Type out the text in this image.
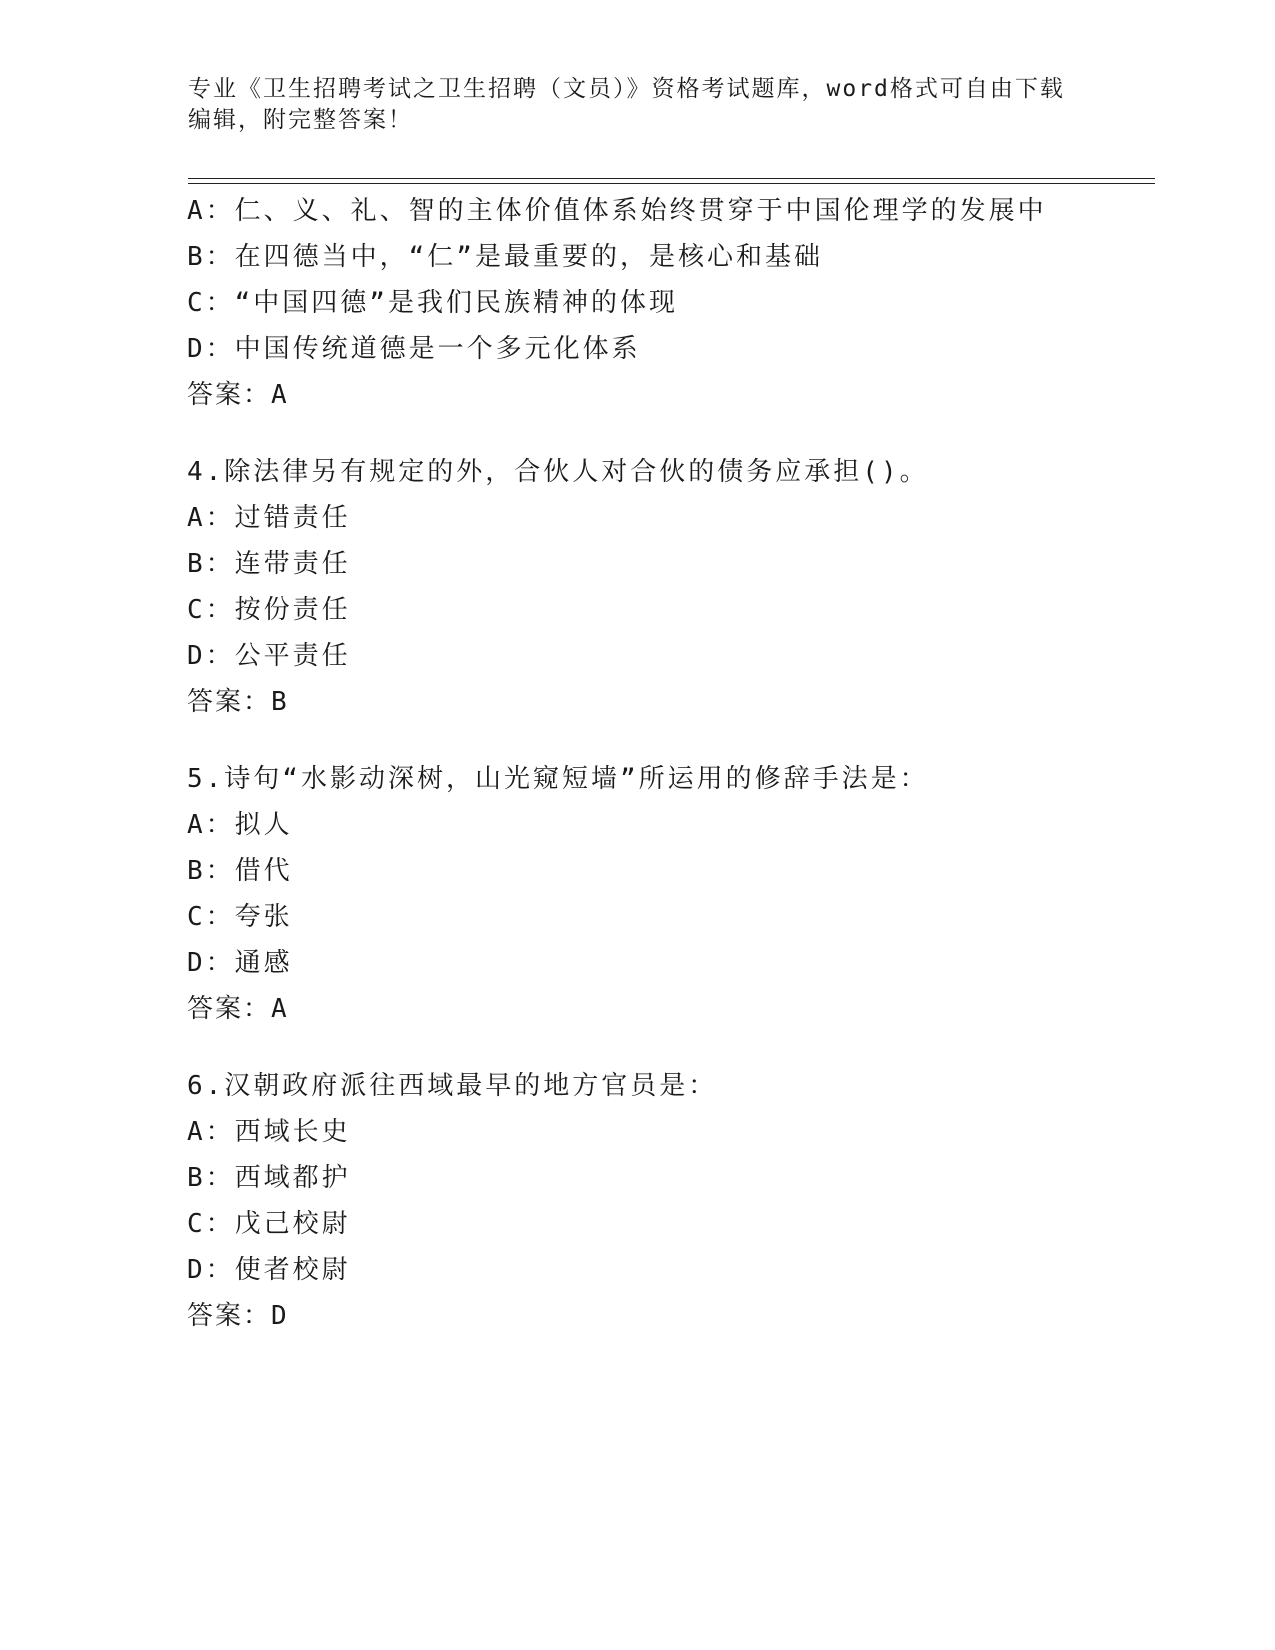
专业《卫生招聘考试之卫生招聘（文员）》资格考试题库，word格式可自由下载
编辑，附完整答案！
A：仁、义、礼、智的主体价值体系始终贯穿于中国伦理学的发展中
B：在四德当中，“仁”是最重要的，是核心和基础
C：“中国四德”是我们民族精神的体现
D：中国传统道德是一个多元化体系
答案：A
4.除法律另有规定的外，合伙人对合伙的债务应承担()。
A：过错责任
B：连带责任
C：按份责任
D：公平责任
答案：B
5.诗句“水影动深树，山光窥短墙”所运用的修辞手法是：
A：拟人
B：借代
C：夸张
D：通感
答案：A
6.汉朝政府派往西域最早的地方官员是：
A：西域长史
B：西域都护
C：戊己校尉
D：使者校尉
答案：D
